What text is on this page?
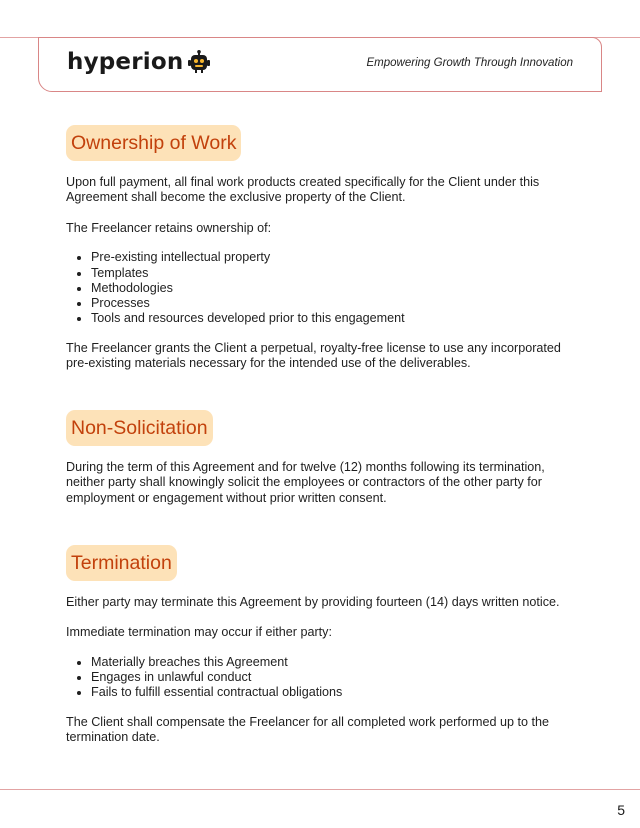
hyperion	Empowering Growth Through Innovation
Ownership of Work

Upon full payment, all final work products created specifically for the Client under this Agreement shall become the exclusive property of the Client.

The Freelancer retains ownership of:

• Pre-existing intellectual property
• Templates
• Methodologies
• Processes
• Tools and resources developed prior to this engagement

The Freelancer grants the Client a perpetual, royalty-free license to use any incorporated pre-existing materials necessary for the intended use of the deliverables.

Non-Solicitation

During the term of this Agreement and for twelve (12) months following its termination, neither party shall knowingly solicit the employees or contractors of the other party for employment or engagement without prior written consent.

Termination

Either party may terminate this Agreement by providing fourteen (14) days written notice.

Immediate termination may occur if either party:

• Materially breaches this Agreement
• Engages in unlawful conduct
• Fails to fulfill essential contractual obligations

The Client shall compensate the Freelancer for all completed work performed up to the termination date.

5
